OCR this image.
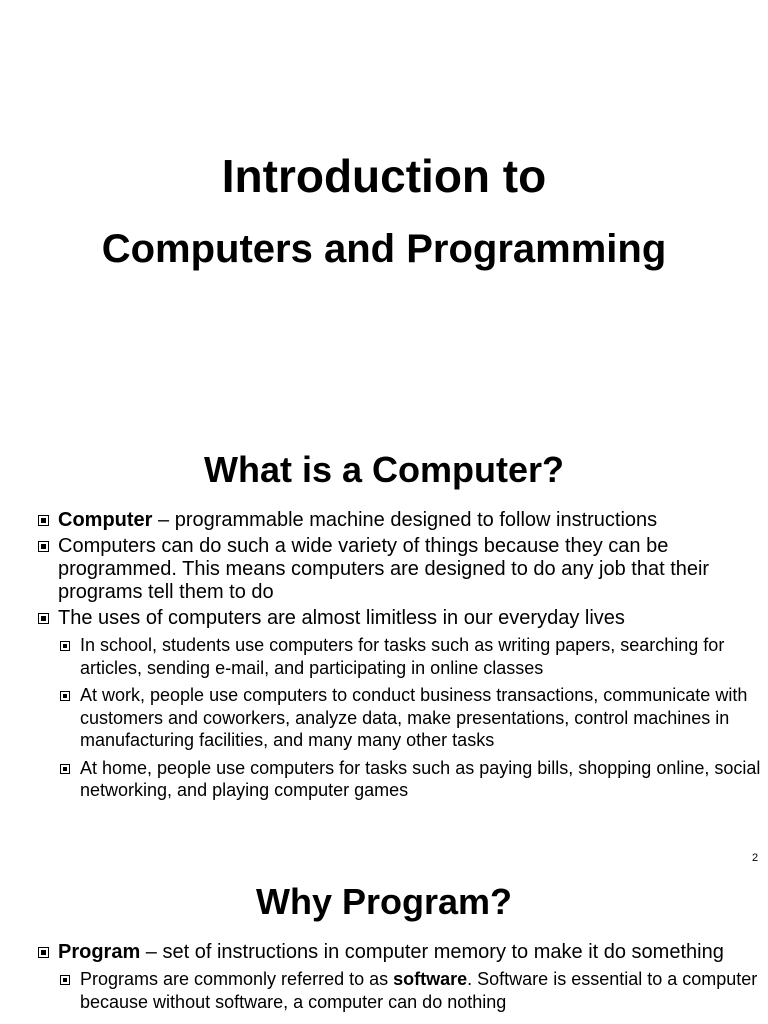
Introduction to
Computers and Programming
What is a Computer?
Computer – programmable machine designed to follow instructions
Computers can do such a wide variety of things because they can be programmed. This means computers are designed to do any job that their programs tell them to do
The uses of computers are almost limitless in our everyday lives
In school, students use computers for tasks such as writing papers, searching for articles, sending e-mail, and participating in online classes
At work, people use computers to conduct business transactions, communicate with customers and coworkers, analyze data, make presentations, control machines in manufacturing facilities, and many many other tasks
At home, people use computers for tasks such as paying bills, shopping online, social networking, and playing computer games
2
Why Program?
Program – set of instructions in computer memory to make it do something
Programs are commonly referred to as software. Software is essential to a computer because without software, a computer can do nothing
